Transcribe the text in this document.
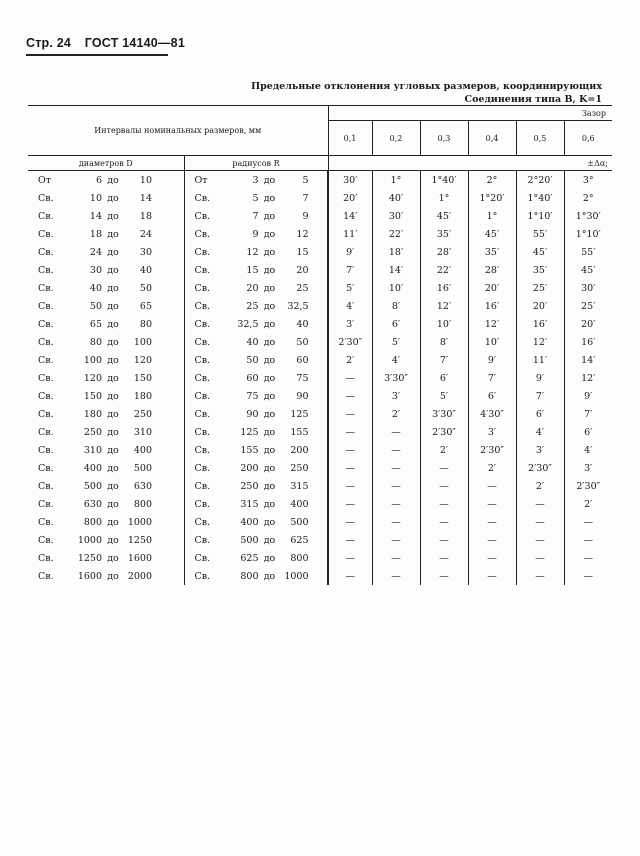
Стр. 24 ГОСТ 14140—81
Предельные отклонения угловых размеров, координирующих
Соединения типа В, K=1
Интервалы номинальных размеров, мм		Зазор					
		0,1	0,2	0,3	0,4	0,5	0,6
диаметров D	радиусов R	±Δα;					
От 6 до 10	От 3 до 5	30′	1°	1°40′	2°	2°20′	3°
Св. 10 до 14	Св. 5 до 7	20′	40′	1°	1°20′	1°40′	2°
Св. 14 до 18	Св. 7 до 9	14′	30′	45′	1°	1°10′	1°30′
Св. 18 до 24	Св. 9 до 12	11′	22′	35′	45′	55′	1°10′
Св. 24 до 30	Св. 12 до 15	9′	18′	28′	35′	45′	55′
Св. 30 до 40	Св. 15 до 20	7′	14′	22′	28′	35′	45′
Св. 40 до 50	Св. 20 до 25	5′	10′	16′	20′	25′	30′
Св. 50 до 65	Св. 25 до 32,5	4′	8′	12′	16′	20′	25′
Св. 65 до 80	Св. 32,5 до 40	3′	6′	10′	12′	16′	20′
Св. 80 до 100	Св. 40 до 50	2′30″	5′	8′	10′	12′	16′
Св. 100 до 120	Св. 50 до 60	2′	4′	7′	9′	11′	14′
Св. 120 до 150	Св. 60 до 75	—	3′30″	6′	7′	9′	12′
Св. 150 до 180	Св. 75 до 90	—	3′	5′	6′	7′	9′
Св. 180 до 250	Св. 90 до 125	—	2′	3′30″	4′30″	6′	7′
Св. 250 до 310	Св. 125 до 155	—	—	2′30″	3′	4′	6′
Св. 310 до 400	Св. 155 до 200	—	—	2′	2′30″	3′	4′
Св. 400 до 500	Св. 200 до 250	—	—	—	2′	2′30″	3′
Св. 500 до 630	Св. 250 до 315	—	—	—	—	2′	2′30″
Св. 630 до 800	Св. 315 до 400	—	—	—	—	—	2′
Св. 800 до 1000	Св. 400 до 500	—	—	—	—	—	—
Св. 1000 до 1250	Св. 500 до 625	—	—	—	—	—	—
Св. 1250 до 1600	Св. 625 до 800	—	—	—	—	—	—
Св. 1600 до 2000	Св. 800 до 1000	—	—	—	—	—	—
